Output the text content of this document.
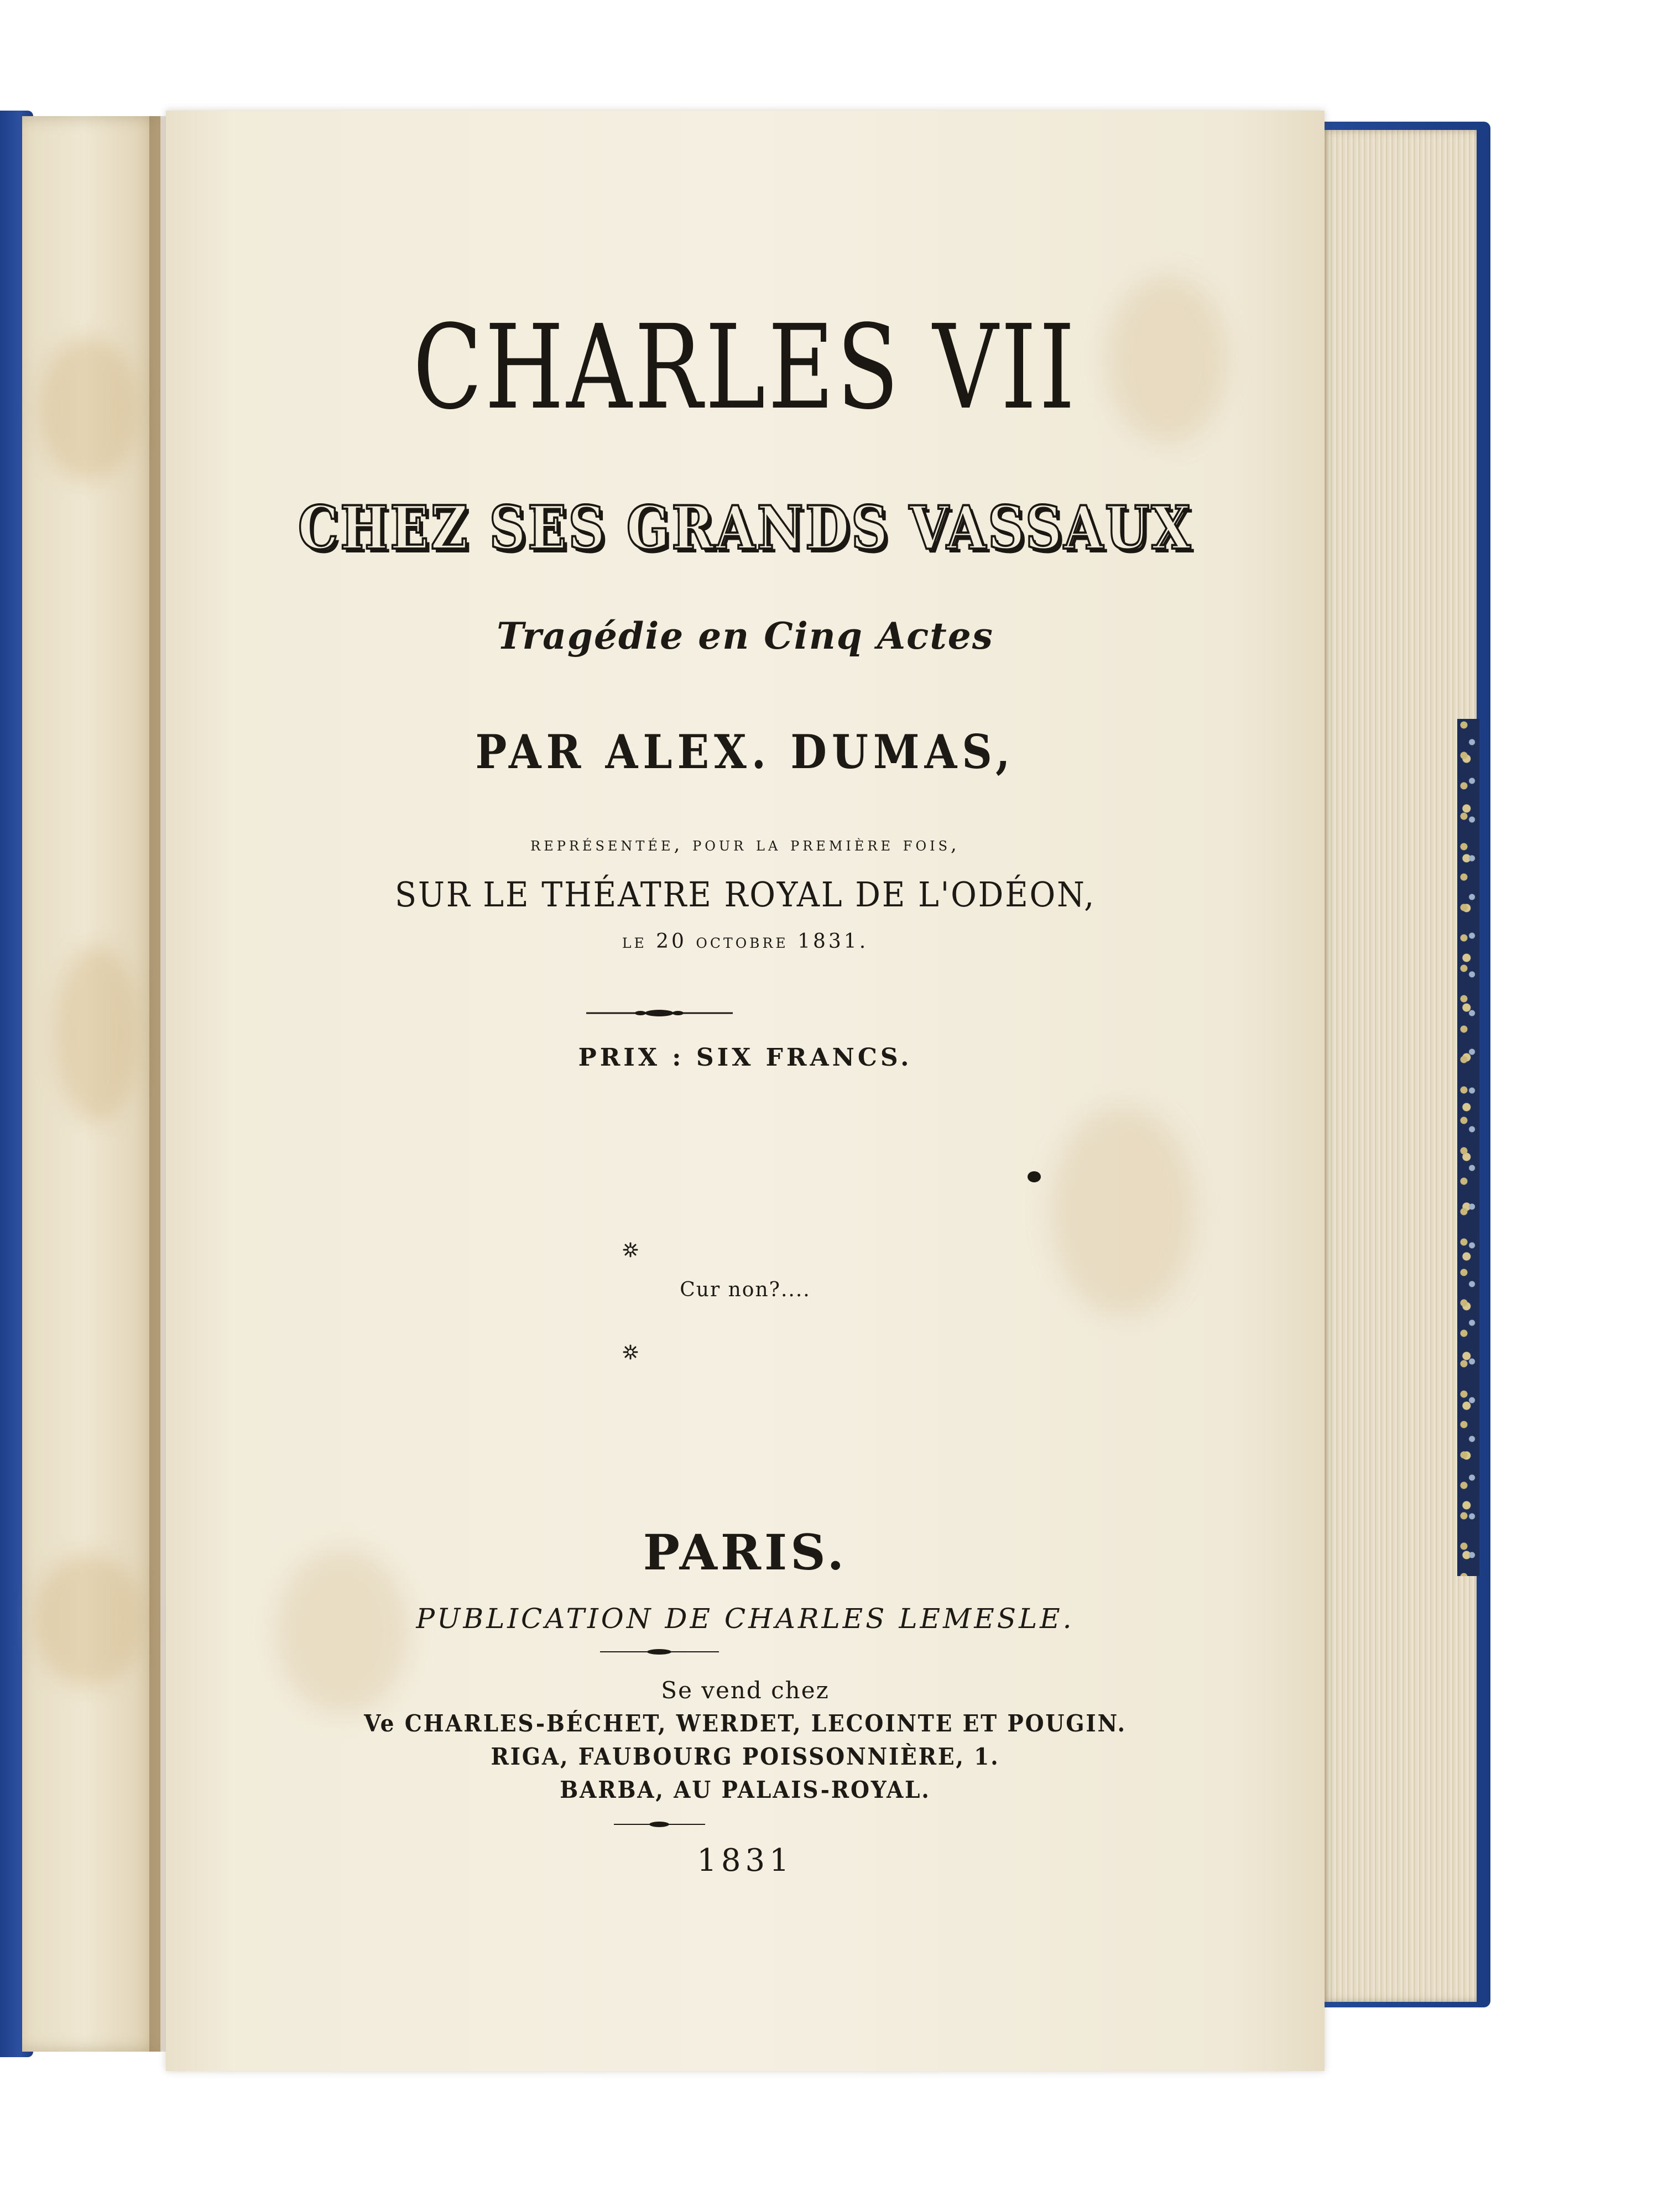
CHARLES VII
CHEZ SES GRANDS VASSAUX
Tragédie en Cinq Actes
PAR ALEX. DUMAS,
représentée, pour la première fois,
SUR LE THÉATRE ROYAL DE L'ODÉON,
le 20 octobre 1831.
PRIX : SIX FRANCS.
Cur non?....
PARIS.
PUBLICATION DE CHARLES LEMESLE.
Se vend chez
Ve CHARLES-BÉCHET, WERDET, LECOINTE ET POUGIN.
RIGA, FAUBOURG POISSONNIÈRE, 1.
BARBA, AU PALAIS-ROYAL.
1831
